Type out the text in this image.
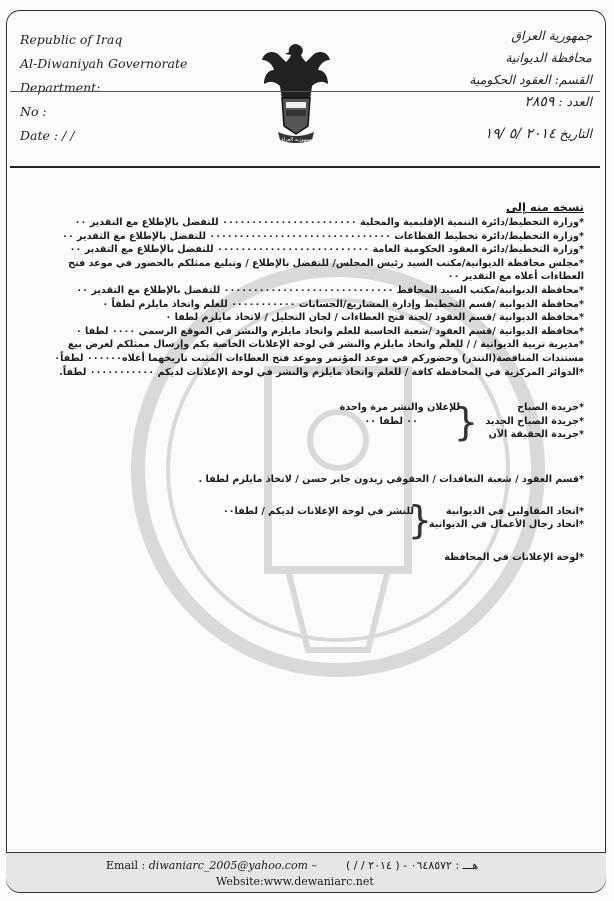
Republic of Iraq
Al-Diwaniyah Governorate
Department:
No :
Date : / /	جمهورية العراق
جمهورية العراق
محافظة الديوانية
القسم: العقود الحكومية
العدد : ٢٨٥٩
التاريخ ٢٠١٤ /٥ /١٩
نسخه منه إلى
*وزارة التخطيط/دائرة التنمية الإقليمية والمحلية ٠٠٠٠٠٠٠٠٠٠٠٠٠٠٠٠٠٠٠٠٠٠٠ للتفضل بالإطلاع مع التقدير ٠٠
*وزارة التخطيط/دائرة تخطيط القطاعات ٠٠٠٠٠٠٠٠٠٠٠٠٠٠٠٠٠٠٠٠٠٠٠٠٠٠٠٠٠٠٠ للتفضل بالإطلاع مع التقدير ٠٠
*وزارة التخطيط/دائرة العقود الحكومية العامة ٠٠٠٠٠٠٠٠٠٠٠٠٠٠٠٠٠٠٠٠٠٠٠٠٠٠ للتفضل بالإطلاع مع التقدير ٠٠
*مجلس محافظة الديوانية/مكتب السيد رئيس المجلس/ للتفضل بالإطلاع / وتبليغ ممثلكم بالحضور في موعد فتح
العطاءات أعلاه مع التقدير ٠٠
*محافظة الديوانية/مكتب السيد المحافظ ٠٠٠٠٠٠٠٠٠٠٠٠٠٠٠٠٠٠٠٠٠٠٠٠٠٠٠٠٠ للتفضل بالإطلاع مع التقدير ٠٠
*محافظة الديوانية /قسم التخطيط وإدارة المشاريع/الحسابات ٠٠٠٠٠٠٠٠٠٠٠ للعلم واتخاذ مايلزم لطفاً ٠
*محافظة الديوانية /قسم العقود /لجنة فتح العطاءات / لجان التحليل / لاتخاذ مايلزم لطفا ٠
*محافظة الديوانية /قسم العقود /شعبة الحاسبة للعلم واتخاذ مايلزم والنشر في الموقع الرسمي ٠٠٠٠ لطفا ٠
*مديرية تربية الديوانية / / للعلم واتخاذ مايلزم والنشر في لوحة الإعلانات الخاصة بكم وإرسال ممثلكم لغرض بيع
مستندات المناقصة(التندر) وحضوركم في موعد المؤتمر وموعد فتح العطاءات المثبت تاريخهما أعلاه٠٠٠٠٠٠ لطفاً٠
*الدوائر المركزية في المحافظة كافة / للعلم واتخاذ مايلزم والنشر في لوحة الإعلانات لديكم ٠٠٠٠٠٠٠٠٠٠٠ لطفاً.
*جريدة الصباح
*جريدة الصباح الجديد
*جريدة الحقيقة الآن
{
للإعلان والنشر مرة واحدة
٠٠ لطفا ٠٠
*قسم العقود / شعبة التعاقدات / الحقوقي زيدون جابر حسن / لاتخاذ مايلزم لطفا .
*اتحاد المقاولين في الديوانية
*اتحاد رجال الأعمال في الديوانية
{
للنشر في لوحة الإعلانات لديكم / لطفا٠٠
*لوحة الإعلانات في المحافظة
Email : diwaniarc_2005@yahoo.com –	هـــ : ٠٦٤٨٥٧٢ - ( ٢٠١٤ / / )
Website:www.dewaniarc.net
